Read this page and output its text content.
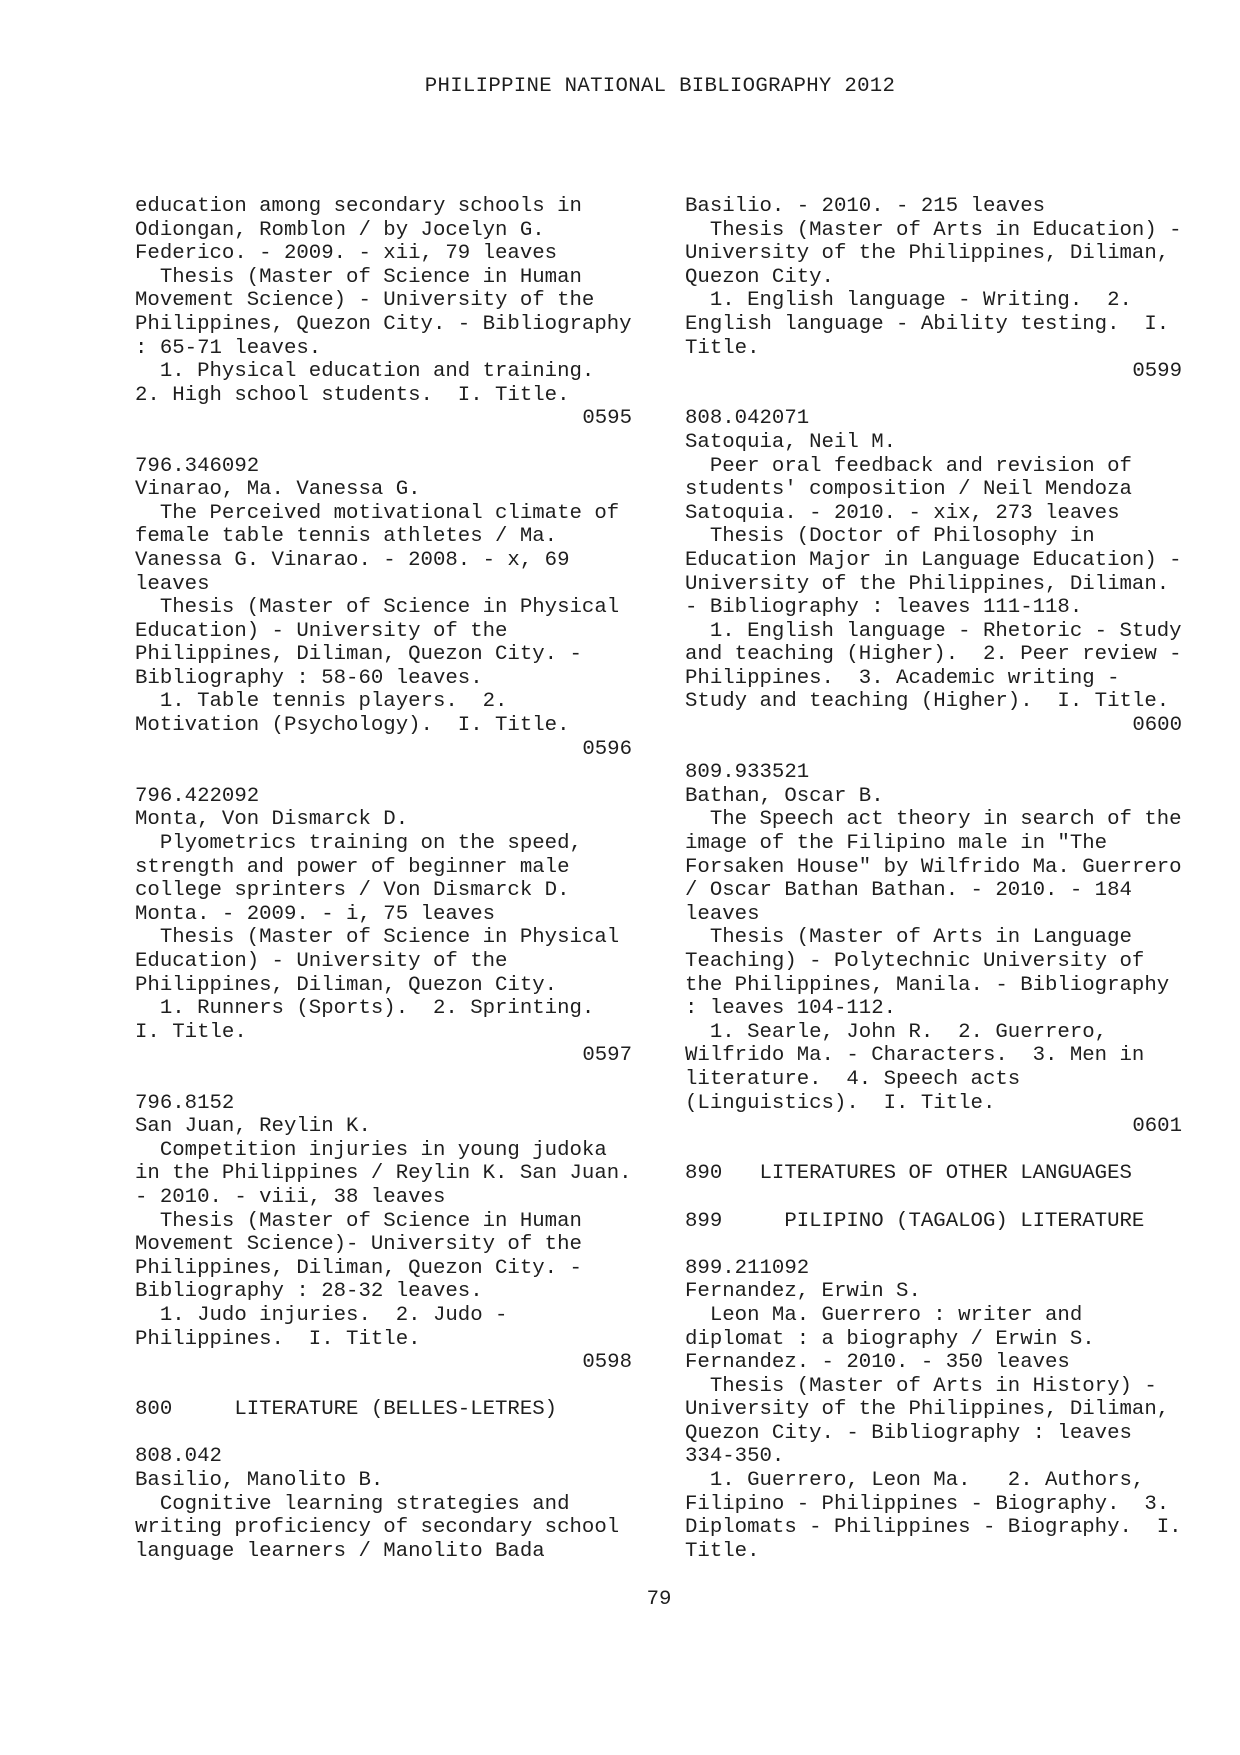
PHILIPPINE NATIONAL BIBLIOGRAPHY 2012
education among secondary schools in
Odiongan, Romblon / by Jocelyn G.
Federico. - 2009. - xii, 79 leaves
Thesis (Master of Science in Human
Movement Science) - University of the
Philippines, Quezon City. - Bibliography
: 65-71 leaves.
1. Physical education and training.
2. High school students.  I. Title.
0595
796.346092
Vinarao, Ma. Vanessa G.
The Perceived motivational climate of
female table tennis athletes / Ma.
Vanessa G. Vinarao. - 2008. - x, 69
leaves
Thesis (Master of Science in Physical
Education) - University of the
Philippines, Diliman, Quezon City. -
Bibliography : 58-60 leaves.
1. Table tennis players.  2.
Motivation (Psychology).  I. Title.
0596
796.422092
Monta, Von Dismarck D.
Plyometrics training on the speed,
strength and power of beginner male
college sprinters / Von Dismarck D.
Monta. - 2009. - i, 75 leaves
Thesis (Master of Science in Physical
Education) - University of the
Philippines, Diliman, Quezon City.
1. Runners (Sports).  2. Sprinting.
I. Title.
0597
796.8152
San Juan, Reylin K.
Competition injuries in young judoka
in the Philippines / Reylin K. San Juan.
- 2010. - viii, 38 leaves
Thesis (Master of Science in Human
Movement Science)- University of the
Philippines, Diliman, Quezon City. -
Bibliography : 28-32 leaves.
1. Judo injuries.  2. Judo -
Philippines.  I. Title.
0598
800     LITERATURE (BELLES-LETRES)
808.042
Basilio, Manolito B.
Cognitive learning strategies and
writing proficiency of secondary school
language learners / Manolito Bada
Basilio. - 2010. - 215 leaves
Thesis (Master of Arts in Education) -
University of the Philippines, Diliman,
Quezon City.
1. English language - Writing.  2.
English language - Ability testing.  I.
Title.
0599
808.042071
Satoquia, Neil M.
Peer oral feedback and revision of
students' composition / Neil Mendoza
Satoquia. - 2010. - xix, 273 leaves
Thesis (Doctor of Philosophy in
Education Major in Language Education) -
University of the Philippines, Diliman.
- Bibliography : leaves 111-118.
1. English language - Rhetoric - Study
and teaching (Higher).  2. Peer review -
Philippines.  3. Academic writing -
Study and teaching (Higher).  I. Title.
0600
809.933521
Bathan, Oscar B.
The Speech act theory in search of the
image of the Filipino male in "The
Forsaken House" by Wilfrido Ma. Guerrero
/ Oscar Bathan Bathan. - 2010. - 184
leaves
Thesis (Master of Arts in Language
Teaching) - Polytechnic University of
the Philippines, Manila. - Bibliography
: leaves 104-112.
1. Searle, John R.  2. Guerrero,
Wilfrido Ma. - Characters.  3. Men in
literature.  4. Speech acts
(Linguistics).  I. Title.
0601
890   LITERATURES OF OTHER LANGUAGES
899     PILIPINO (TAGALOG) LITERATURE
899.211092
Fernandez, Erwin S.
Leon Ma. Guerrero : writer and
diplomat : a biography / Erwin S.
Fernandez. - 2010. - 350 leaves
Thesis (Master of Arts in History) -
University of the Philippines, Diliman,
Quezon City. - Bibliography : leaves
334-350.
1. Guerrero, Leon Ma.   2. Authors,
Filipino - Philippines - Biography.  3.
Diplomats - Philippines - Biography.  I.
Title.
79
